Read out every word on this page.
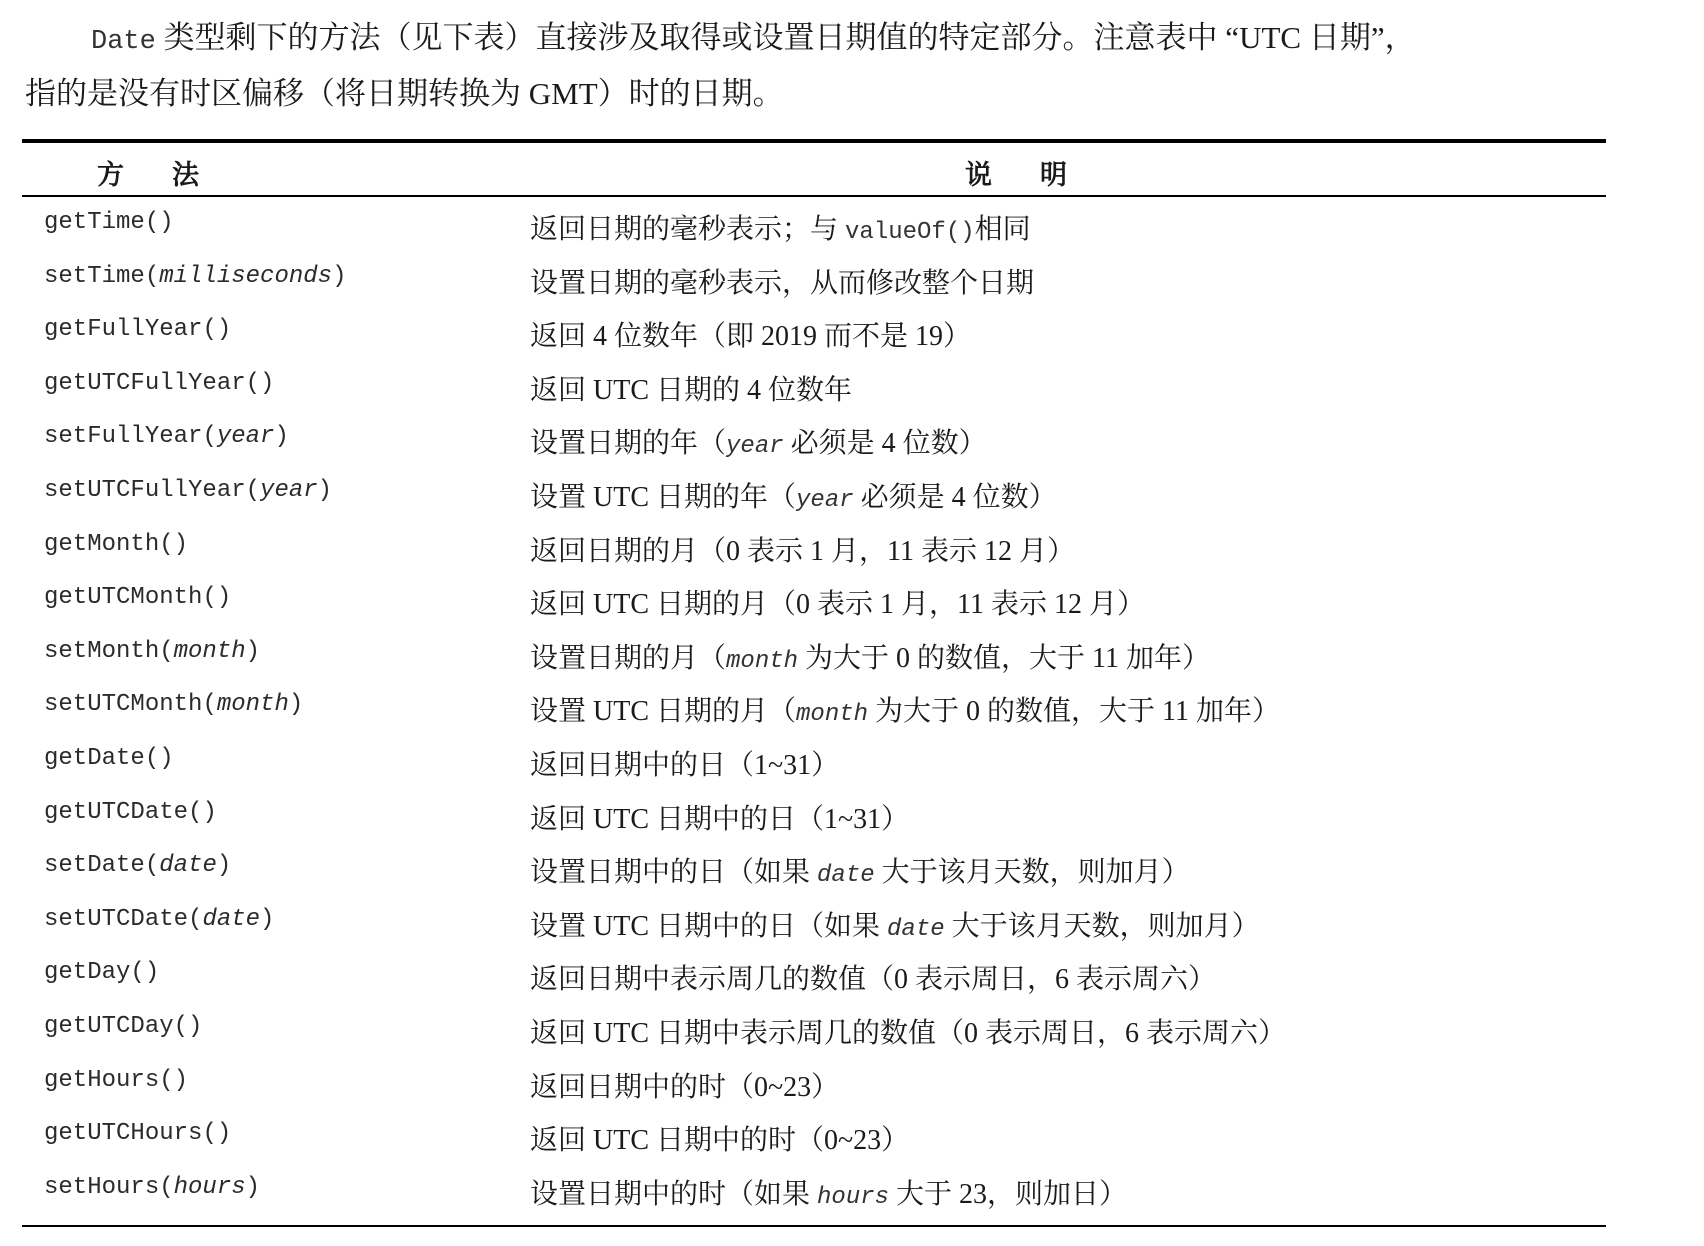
Date 类型剩下的方法（见下表）直接涉及取得或设置日期值的特定部分。注意表中 “UTC 日期”，
指的是没有时区偏移（将日期转换为 GMT）时的日期。

方法	说明
getTime()	返回日期的毫秒表示；与 valueOf()相同
setTime(milliseconds)	设置日期的毫秒表示，从而修改整个日期
getFullYear()	返回 4 位数年（即 2019 而不是 19）
getUTCFullYear()	返回 UTC 日期的 4 位数年
setFullYear(year)	设置日期的年（year 必须是 4 位数）
setUTCFullYear(year)	设置 UTC 日期的年（year 必须是 4 位数）
getMonth()	返回日期的月（0 表示 1 月，11 表示 12 月）
getUTCMonth()	返回 UTC 日期的月（0 表示 1 月，11 表示 12 月）
setMonth(month)	设置日期的月（month 为大于 0 的数值，大于 11 加年）
setUTCMonth(month)	设置 UTC 日期的月（month 为大于 0 的数值，大于 11 加年）
getDate()	返回日期中的日（1~31）
getUTCDate()	返回 UTC 日期中的日（1~31）
setDate(date)	设置日期中的日（如果 date 大于该月天数，则加月）
setUTCDate(date)	设置 UTC 日期中的日（如果 date 大于该月天数，则加月）
getDay()	返回日期中表示周几的数值（0 表示周日，6 表示周六）
getUTCDay()	返回 UTC 日期中表示周几的数值（0 表示周日，6 表示周六）
getHours()	返回日期中的时（0~23）
getUTCHours()	返回 UTC 日期中的时（0~23）
setHours(hours)	设置日期中的时（如果 hours 大于 23，则加日）
